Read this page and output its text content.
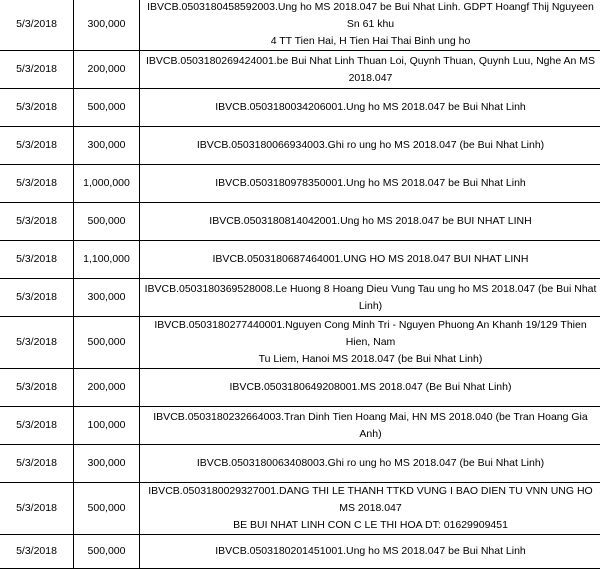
5/3/2018	300,000	IBVCB.0503180458592003.Ung ho MS 2018.047 be Bui Nhat Linh. GDPT Hoangf Thij Nguyeen Sn 61 khu
4 TT Tien Hai, H Tien Hai Thai Binh ung ho

5/3/2018	200,000	IBVCB.0503180269424001.be Bui Nhat Linh Thuan Loi, Quynh Thuan, Quynh Luu, Nghe An MS
2018.047

5/3/2018	500,000	IBVCB.0503180034206001.Ung ho MS 2018.047 be Bui Nhat Linh

5/3/2018	300,000	IBVCB.0503180066934003.Ghi ro ung ho MS 2018.047 (be Bui Nhat Linh)

5/3/2018	1,000,000	IBVCB.0503180978350001.Ung ho MS 2018.047 be Bui Nhat Linh

5/3/2018	500,000	IBVCB.0503180814042001.Ung ho MS 2018.047 be BUI NHAT LINH

5/3/2018	1,100,000	IBVCB.0503180687464001.UNG HO MS 2018.047 BUI NHAT LINH

5/3/2018	300,000	IBVCB.0503180369528008.Le Huong 8 Hoang Dieu Vung Tau ung ho MS 2018.047 (be Bui Nhat Linh)

5/3/2018	500,000	IBVCB.0503180277440001.Nguyen Cong Minh Tri - Nguyen Phuong An Khanh 19/129 Thien Hien, Nam
Tu Liem, Hanoi MS 2018.047 (be Bui Nhat Linh)

5/3/2018	200,000	IBVCB.0503180649208001.MS 2018.047 (Be Bui Nhat Linh)

5/3/2018	100,000	IBVCB.0503180232664003.Tran Dinh Tien Hoang Mai, HN MS 2018.040 (be Tran Hoang Gia Anh)

5/3/2018	300,000	IBVCB.0503180063408003.Ghi ro ung ho MS 2018.047 (be Bui Nhat Linh)

5/3/2018	500,000	IBVCB.0503180029327001.DANG THI LE THANH TTKD VUNG I BAO DIEN TU VNN UNG HO MS 2018.047
BE BUI NHAT LINH CON C LE THI HOA DT: 01629909451

5/3/2018	500,000	IBVCB.0503180201451001.Ung ho MS 2018.047 be Bui Nhat Linh
